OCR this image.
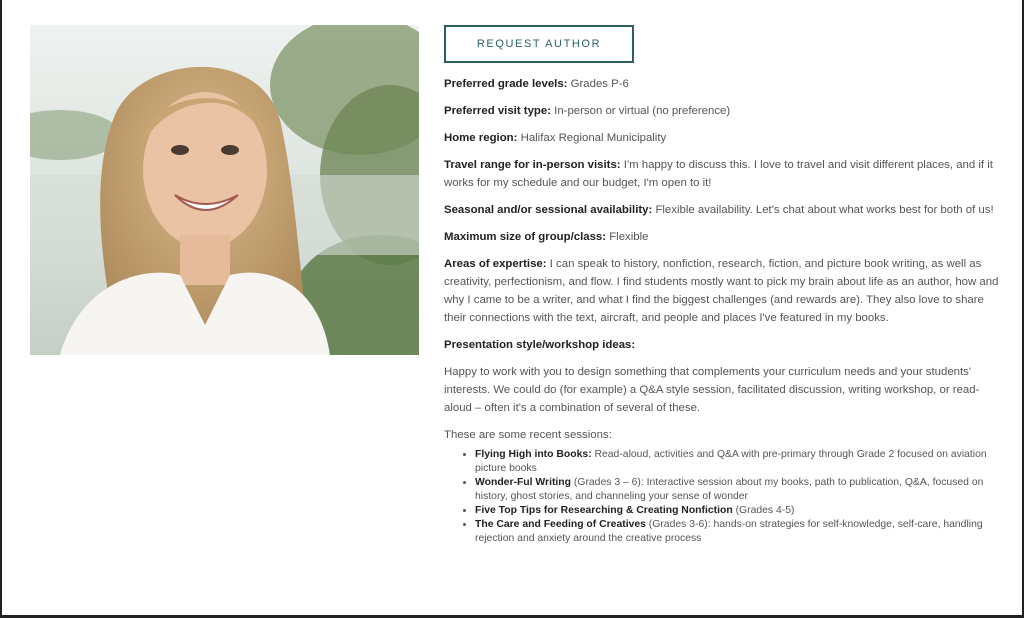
REQUEST AUTHOR

Preferred grade levels: Grades P-6

Preferred visit type: In-person or virtual (no preference)

Home region: Halifax Regional Municipality

Travel range for in-person visits: I'm happy to discuss this. I love to travel and visit different places, and if it works for my schedule and our budget, I'm open to it!

Seasonal and/or sessional availability: Flexible availability. Let's chat about what works best for both of us!

Maximum size of group/class: Flexible

Areas of expertise: I can speak to history, nonfiction, research, fiction, and picture book writing, as well as creativity, perfectionism, and flow. I find students mostly want to pick my brain about life as an author, how and why I came to be a writer, and what I find the biggest challenges (and rewards are). They also love to share their connections with the text, aircraft, and people and places I've featured in my books.

Presentation style/workshop ideas:

Happy to work with you to design something that complements your curriculum needs and your students' interests. We could do (for example) a Q&A style session, facilitated discussion, writing workshop, or read-aloud – often it's a combination of several of these.

These are some recent sessions:

• Flying High into Books: Read-aloud, activities and Q&A with pre-primary through Grade 2 focused on aviation picture books
• Wonder-Ful Writing (Grades 3 – 6): Interactive session about my books, path to publication, Q&A, focused on history, ghost stories, and channeling your sense of wonder
• Five Top Tips for Researching & Creating Nonfiction (Grades 4-5)
• The Care and Feeding of Creatives (Grades 3-6): hands-on strategies for self-knowledge, self-care, handling rejection and anxiety around the creative process
